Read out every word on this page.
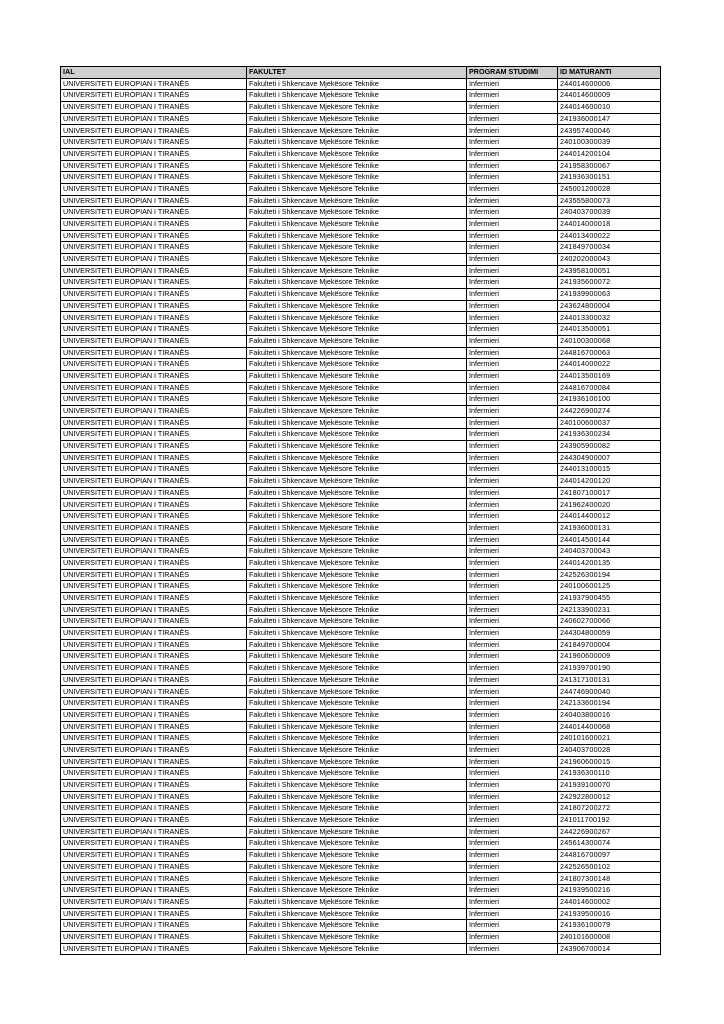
IAL	FAKULTET	PROGRAM STUDIMI	ID MATURANTI
UNIVERSITETI EUROPIAN I TIRANËS	Fakulteti i Shkencave Mjekësore Teknike	Infermieri	244014600006
UNIVERSITETI EUROPIAN I TIRANËS	Fakulteti i Shkencave Mjekësore Teknike	Infermieri	244014600009
UNIVERSITETI EUROPIAN I TIRANËS	Fakulteti i Shkencave Mjekësore Teknike	Infermieri	244014600010
UNIVERSITETI EUROPIAN I TIRANËS	Fakulteti i Shkencave Mjekësore Teknike	Infermieri	241936000147
UNIVERSITETI EUROPIAN I TIRANËS	Fakulteti i Shkencave Mjekësore Teknike	Infermieri	243957400046
UNIVERSITETI EUROPIAN I TIRANËS	Fakulteti i Shkencave Mjekësore Teknike	Infermieri	240100300039
UNIVERSITETI EUROPIAN I TIRANËS	Fakulteti i Shkencave Mjekësore Teknike	Infermieri	244014200104
UNIVERSITETI EUROPIAN I TIRANËS	Fakulteti i Shkencave Mjekësore Teknike	Infermieri	241958300067
UNIVERSITETI EUROPIAN I TIRANËS	Fakulteti i Shkencave Mjekësore Teknike	Infermieri	241936300151
UNIVERSITETI EUROPIAN I TIRANËS	Fakulteti i Shkencave Mjekësore Teknike	Infermieri	245001200028
UNIVERSITETI EUROPIAN I TIRANËS	Fakulteti i Shkencave Mjekësore Teknike	Infermieri	243555800073
UNIVERSITETI EUROPIAN I TIRANËS	Fakulteti i Shkencave Mjekësore Teknike	Infermieri	240403700039
UNIVERSITETI EUROPIAN I TIRANËS	Fakulteti i Shkencave Mjekësore Teknike	Infermieri	244014000018
UNIVERSITETI EUROPIAN I TIRANËS	Fakulteti i Shkencave Mjekësore Teknike	Infermieri	244013400022
UNIVERSITETI EUROPIAN I TIRANËS	Fakulteti i Shkencave Mjekësore Teknike	Infermieri	241849700034
UNIVERSITETI EUROPIAN I TIRANËS	Fakulteti i Shkencave Mjekësore Teknike	Infermieri	240202000043
UNIVERSITETI EUROPIAN I TIRANËS	Fakulteti i Shkencave Mjekësore Teknike	Infermieri	243958100051
UNIVERSITETI EUROPIAN I TIRANËS	Fakulteti i Shkencave Mjekësore Teknike	Infermieri	241935600072
UNIVERSITETI EUROPIAN I TIRANËS	Fakulteti i Shkencave Mjekësore Teknike	Infermieri	241939900063
UNIVERSITETI EUROPIAN I TIRANËS	Fakulteti i Shkencave Mjekësore Teknike	Infermieri	243624800004
UNIVERSITETI EUROPIAN I TIRANËS	Fakulteti i Shkencave Mjekësore Teknike	Infermieri	244013300032
UNIVERSITETI EUROPIAN I TIRANËS	Fakulteti i Shkencave Mjekësore Teknike	Infermieri	244013500051
UNIVERSITETI EUROPIAN I TIRANËS	Fakulteti i Shkencave Mjekësore Teknike	Infermieri	240100300068
UNIVERSITETI EUROPIAN I TIRANËS	Fakulteti i Shkencave Mjekësore Teknike	Infermieri	244816700063
UNIVERSITETI EUROPIAN I TIRANËS	Fakulteti i Shkencave Mjekësore Teknike	Infermieri	244014000022
UNIVERSITETI EUROPIAN I TIRANËS	Fakulteti i Shkencave Mjekësore Teknike	Infermieri	244013500169
UNIVERSITETI EUROPIAN I TIRANËS	Fakulteti i Shkencave Mjekësore Teknike	Infermieri	244816700084
UNIVERSITETI EUROPIAN I TIRANËS	Fakulteti i Shkencave Mjekësore Teknike	Infermieri	241936100100
UNIVERSITETI EUROPIAN I TIRANËS	Fakulteti i Shkencave Mjekësore Teknike	Infermieri	244226900274
UNIVERSITETI EUROPIAN I TIRANËS	Fakulteti i Shkencave Mjekësore Teknike	Infermieri	240100600037
UNIVERSITETI EUROPIAN I TIRANËS	Fakulteti i Shkencave Mjekësore Teknike	Infermieri	241936300234
UNIVERSITETI EUROPIAN I TIRANËS	Fakulteti i Shkencave Mjekësore Teknike	Infermieri	243905900082
UNIVERSITETI EUROPIAN I TIRANËS	Fakulteti i Shkencave Mjekësore Teknike	Infermieri	244304900007
UNIVERSITETI EUROPIAN I TIRANËS	Fakulteti i Shkencave Mjekësore Teknike	Infermieri	244013100015
UNIVERSITETI EUROPIAN I TIRANËS	Fakulteti i Shkencave Mjekësore Teknike	Infermieri	244014200120
UNIVERSITETI EUROPIAN I TIRANËS	Fakulteti i Shkencave Mjekësore Teknike	Infermieri	241807100017
UNIVERSITETI EUROPIAN I TIRANËS	Fakulteti i Shkencave Mjekësore Teknike	Infermieri	241962400020
UNIVERSITETI EUROPIAN I TIRANËS	Fakulteti i Shkencave Mjekësore Teknike	Infermieri	244014400012
UNIVERSITETI EUROPIAN I TIRANËS	Fakulteti i Shkencave Mjekësore Teknike	Infermieri	241936000131
UNIVERSITETI EUROPIAN I TIRANËS	Fakulteti i Shkencave Mjekësore Teknike	Infermieri	244014500144
UNIVERSITETI EUROPIAN I TIRANËS	Fakulteti i Shkencave Mjekësore Teknike	Infermieri	240403700043
UNIVERSITETI EUROPIAN I TIRANËS	Fakulteti i Shkencave Mjekësore Teknike	Infermieri	244014200135
UNIVERSITETI EUROPIAN I TIRANËS	Fakulteti i Shkencave Mjekësore Teknike	Infermieri	242526300194
UNIVERSITETI EUROPIAN I TIRANËS	Fakulteti i Shkencave Mjekësore Teknike	Infermieri	240100600125
UNIVERSITETI EUROPIAN I TIRANËS	Fakulteti i Shkencave Mjekësore Teknike	Infermieri	241937900455
UNIVERSITETI EUROPIAN I TIRANËS	Fakulteti i Shkencave Mjekësore Teknike	Infermieri	242133900231
UNIVERSITETI EUROPIAN I TIRANËS	Fakulteti i Shkencave Mjekësore Teknike	Infermieri	240602700066
UNIVERSITETI EUROPIAN I TIRANËS	Fakulteti i Shkencave Mjekësore Teknike	Infermieri	244304800059
UNIVERSITETI EUROPIAN I TIRANËS	Fakulteti i Shkencave Mjekësore Teknike	Infermieri	241849700004
UNIVERSITETI EUROPIAN I TIRANËS	Fakulteti i Shkencave Mjekësore Teknike	Infermieri	241960600009
UNIVERSITETI EUROPIAN I TIRANËS	Fakulteti i Shkencave Mjekësore Teknike	Infermieri	241939700190
UNIVERSITETI EUROPIAN I TIRANËS	Fakulteti i Shkencave Mjekësore Teknike	Infermieri	241317100131
UNIVERSITETI EUROPIAN I TIRANËS	Fakulteti i Shkencave Mjekësore Teknike	Infermieri	244746900040
UNIVERSITETI EUROPIAN I TIRANËS	Fakulteti i Shkencave Mjekësore Teknike	Infermieri	242133600194
UNIVERSITETI EUROPIAN I TIRANËS	Fakulteti i Shkencave Mjekësore Teknike	Infermieri	240403800016
UNIVERSITETI EUROPIAN I TIRANËS	Fakulteti i Shkencave Mjekësore Teknike	Infermieri	244014400068
UNIVERSITETI EUROPIAN I TIRANËS	Fakulteti i Shkencave Mjekësore Teknike	Infermieri	240101600021
UNIVERSITETI EUROPIAN I TIRANËS	Fakulteti i Shkencave Mjekësore Teknike	Infermieri	240403700028
UNIVERSITETI EUROPIAN I TIRANËS	Fakulteti i Shkencave Mjekësore Teknike	Infermieri	241960600015
UNIVERSITETI EUROPIAN I TIRANËS	Fakulteti i Shkencave Mjekësore Teknike	Infermieri	241936300110
UNIVERSITETI EUROPIAN I TIRANËS	Fakulteti i Shkencave Mjekësore Teknike	Infermieri	241939100070
UNIVERSITETI EUROPIAN I TIRANËS	Fakulteti i Shkencave Mjekësore Teknike	Infermieri	242922800012
UNIVERSITETI EUROPIAN I TIRANËS	Fakulteti i Shkencave Mjekësore Teknike	Infermieri	241807200272
UNIVERSITETI EUROPIAN I TIRANËS	Fakulteti i Shkencave Mjekësore Teknike	Infermieri	241011700192
UNIVERSITETI EUROPIAN I TIRANËS	Fakulteti i Shkencave Mjekësore Teknike	Infermieri	244226900267
UNIVERSITETI EUROPIAN I TIRANËS	Fakulteti i Shkencave Mjekësore Teknike	Infermieri	245614300074
UNIVERSITETI EUROPIAN I TIRANËS	Fakulteti i Shkencave Mjekësore Teknike	Infermieri	244816700097
UNIVERSITETI EUROPIAN I TIRANËS	Fakulteti i Shkencave Mjekësore Teknike	Infermieri	242526500102
UNIVERSITETI EUROPIAN I TIRANËS	Fakulteti i Shkencave Mjekësore Teknike	Infermieri	241807300148
UNIVERSITETI EUROPIAN I TIRANËS	Fakulteti i Shkencave Mjekësore Teknike	Infermieri	241939500216
UNIVERSITETI EUROPIAN I TIRANËS	Fakulteti i Shkencave Mjekësore Teknike	Infermieri	244014600002
UNIVERSITETI EUROPIAN I TIRANËS	Fakulteti i Shkencave Mjekësore Teknike	Infermieri	241939500016
UNIVERSITETI EUROPIAN I TIRANËS	Fakulteti i Shkencave Mjekësore Teknike	Infermieri	241936100079
UNIVERSITETI EUROPIAN I TIRANËS	Fakulteti i Shkencave Mjekësore Teknike	Infermieri	240101600008
UNIVERSITETI EUROPIAN I TIRANËS	Fakulteti i Shkencave Mjekësore Teknike	Infermieri	243906700014
